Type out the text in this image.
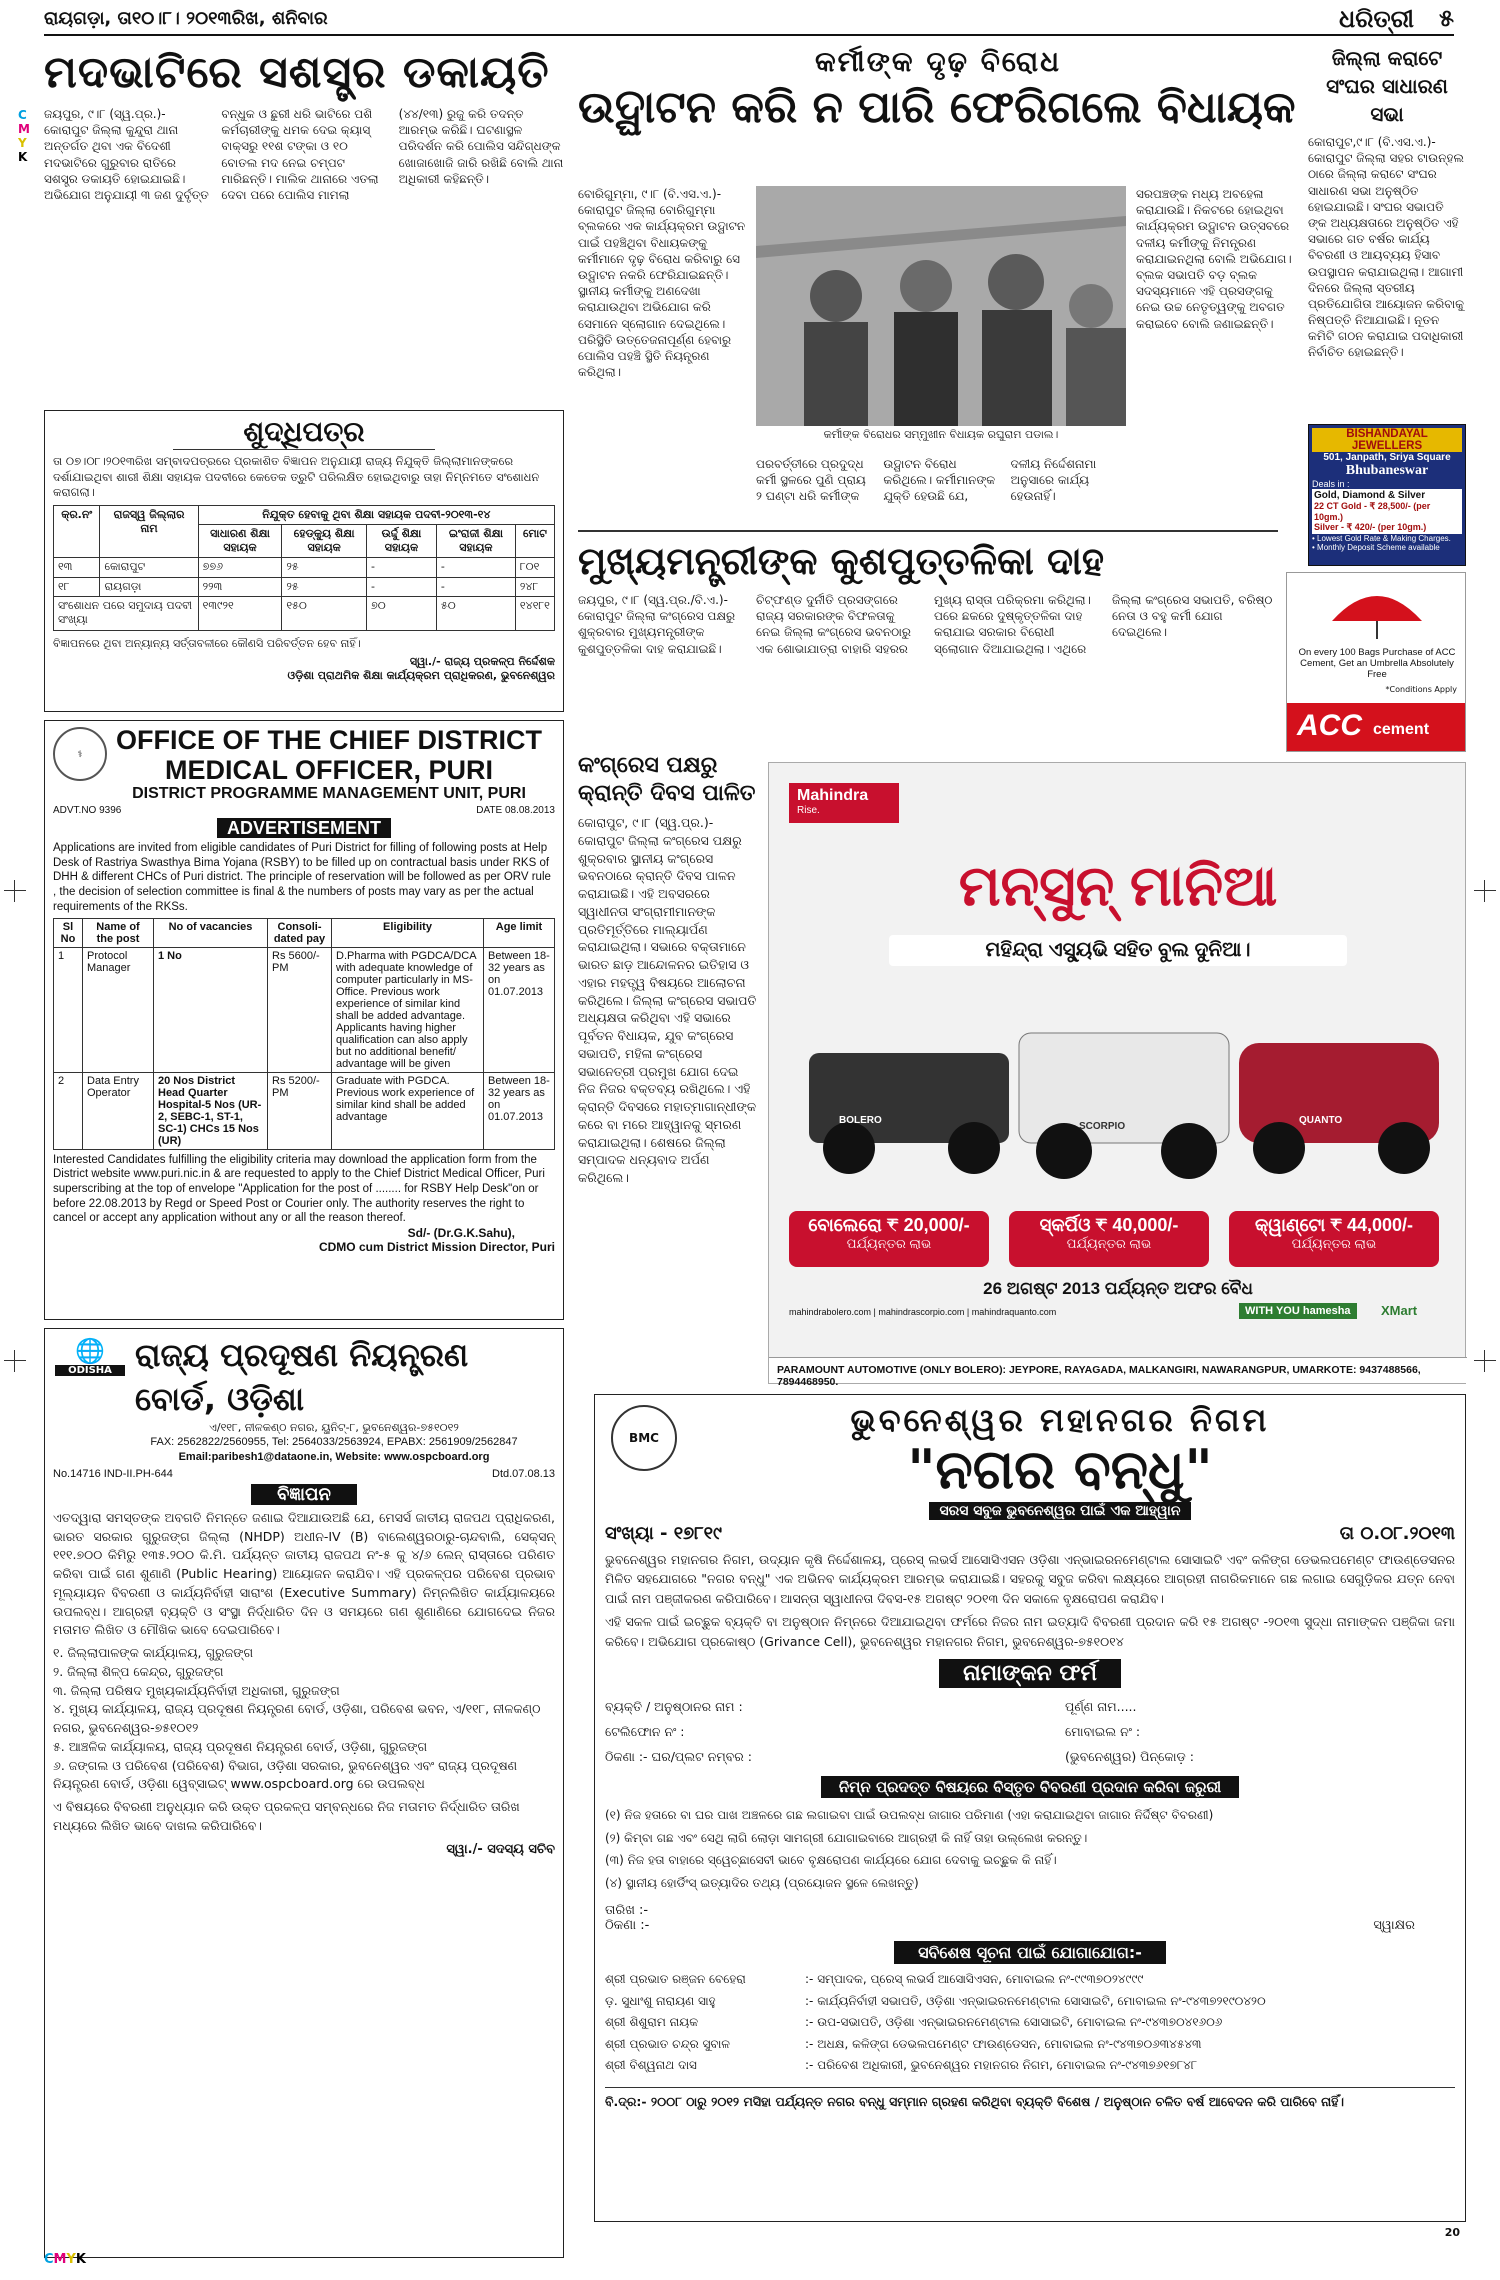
ରାୟଗଡ଼ା, ତା୧୦।୮। ୨୦୧୩ରିଖ, ଶନିବାର	ଧରିତ୍ରୀ ୫
ମଦଭାଟିରେ ସଶସ୍ତ୍ର ଡକାୟତି
C
M
Y
K
ଜୟପୁର, ୯।୮ (ସ୍ୱ.ପ୍ର.)- କୋରାପୁଟ ଜିଲ୍ଲା କୁନ୍ଦୁରା ଥାନା ଅନ୍ତର୍ଗତ ଥିବା ଏକ ବିଦେଶୀ ମଦଭାଟିରେ ଗୁରୁବାର ରାତିରେ ସଶସ୍ତ୍ର ଡକାୟତି ହୋଇଯାଇଛି। ଅଭିଯୋଗ ଅନୁଯାୟୀ ୩ ଜଣ ଦୁର୍ବୃତ୍ତ ବନ୍ଧୁକ ଓ ଛୁରୀ ଧରି ଭାଟିରେ ପଶି କର୍ମଚାରୀଙ୍କୁ ଧମକ ଦେଇ କ୍ୟାସ୍ ବାକ୍ସରୁ ୧୧ଶ ଟଙ୍କା ଓ ୧୦ ବୋତଲ ମଦ ନେଇ ଚମ୍ପଟ ମାରିଛନ୍ତି। ମାଲିକ ଥାନାରେ ଏତଲା ଦେବା ପରେ ପୋଲିସ ମାମଲା (୪୪/୧୩) ରୁଜୁ କରି ତଦନ୍ତ ଆରମ୍ଭ କରିଛି। ଘଟଣାସ୍ଥଳ ପରିଦର୍ଶନ କରି ପୋଲିସ ସନ୍ଦିଗ୍ଧଙ୍କ ଖୋଜାଖୋଜି ଜାରି ରଖିଛି ବୋଲି ଥାନା ଅଧିକାରୀ କହିଛନ୍ତି।
ଶୁଦ୍ଧିପତ୍ର
ତା ୦୭।୦୮।୨୦୧୩ରିଖ ସମ୍ବାଦପତ୍ରରେ ପ୍ରକାଶିତ ବିଜ୍ଞାପନ ଅନୁଯାୟୀ ରାଜ୍ୟ ନିଯୁକ୍ତି ଜିଲ୍ଲାମାନଙ୍କରେ ଦର୍ଶାଯାଇଥିବା ଶାରୀ ଶିକ୍ଷା ସହାୟକ ପଦବୀରେ କେତେକ ତ୍ରୁଟି ପରିଲକ୍ଷିତ ହୋଇଥିବାରୁ ତାହା ନିମ୍ନମତେ ସଂଶୋଧନ କରାଗଲା।
କ୍ର.ନଂ	ରାଜସ୍ୱ ଜିଲ୍ଲାର ନାମ	ନିଯୁକ୍ତ ହେବାକୁ ଥିବା ଶିକ୍ଷା ସହାୟକ ପଦବୀ-୨୦୧୩-୧୪				
		ସାଧାରଣ ଶିକ୍ଷା ସହାୟକ	ହେଡ୍କ୍ୟୁ ଶିକ୍ଷା ସହାୟକ	ଉର୍ଦ୍ଦୁ ଶିକ୍ଷା ସହାୟକ	ଇଂରାଜୀ ଶିକ୍ଷା ସହାୟକ	ମୋଟ
୧୩	କୋରାପୁଟ	୭୭୬	୨୫	-	-	୮୦୧
୧୮	ରାୟଗଡ଼ା	୨୨୩	୨୫	-	-	୨୪୮
ସଂଶୋଧନ ପରେ ସମୁଦାୟ ପଦବୀ ସଂଖ୍ୟା		୧୩୯୨୧	୧୫୦	୭୦	୫୦	୧୪୧୮୧
ବିଜ୍ଞାପନରେ ଥିବା ଅନ୍ୟାନ୍ୟ ସର୍ତ୍ତାବଳୀରେ କୌଣସି ପରିବର୍ତ୍ତନ ହେବ ନାହିଁ।
ସ୍ୱା./- ରାଜ୍ୟ ପ୍ରକଳ୍ପ ନିର୍ଦ୍ଦେଶକ
ଓଡ଼ିଶା ପ୍ରାଥମିକ ଶିକ୍ଷା କାର୍ଯ୍ୟକ୍ରମ ପ୍ରାଧିକରଣ, ଭୁବନେଶ୍ୱର
⚕	OFFICE OF THE CHIEF DISTRICT
MEDICAL OFFICER, PURI
DISTRICT PROGRAMME MANAGEMENT UNIT, PURI
ADVT.NO 9396	DATE 08.08.2013
ADVERTISEMENT
Applications are invited from eligible candidates of Puri District for filling of following posts at Help Desk of Rastriya Swasthya Bima Yojana (RSBY) to be filled up on contractual basis under RKS of DHH & different CHCs of Puri district. The principle of reservation will be followed as per ORV rule , the decision of selection committee is final & the numbers of posts may vary as per the actual requirements of the RKSs.
Sl No	Name of the post	No of vacancies	Consoli-dated pay	Eligibility	Age limit
1	Protocol Manager	1 No	Rs 5600/-PM	D.Pharma with PGDCA/DCA with adequate knowledge of computer particularly in MS-Office. Previous work experience of similar kind shall be added advantage. Applicants having higher qualification can also apply but no additional benefit/ advantage will be given	Between 18-32 years as on 01.07.2013
2	Data Entry Operator	20 Nos District Head Quarter Hospital-5 Nos (UR-2, SEBC-1, ST-1, SC-1) CHCs 15 Nos (UR)	Rs 5200/-PM	Graduate with PGDCA. Previous work experience of similar kind shall be added advantage	Between 18-32 years as on 01.07.2013
Interested Candidates fulfilling the eligibility criteria may download the application form from the District website www.puri.nic.in & are requested to apply to the Chief District Medical Officer, Puri superscribing at the top of envelope "Application for the post of ........ for RSBY Help Desk"on or before 22.08.2013 by Regd or Speed Post or Courier only. The authority reserves the right to cancel or accept any application without any or all the reason thereof.
Sd/- (Dr.G.K.Sahu),
CDMO cum District Mission Director, Puri
🌐
ODISHA ରାଜ୍ୟ ପ୍ରଦୂଷଣ ନିୟନ୍ତ୍ରଣ ବୋର୍ଡ, ଓଡ଼ିଶା
ଏ/୧୧୮, ନୀଳକଣ୍ଠ ନଗର, ୟୁନିଟ୍-୮, ଭୁବନେଶ୍ୱର-୭୫୧୦୧୨
FAX: 2562822/2560955, Tel: 2564033/2563924, EPABX: 2561909/2562847
Email:paribesh1@dataone.in, Website: www.ospcboard.org
No.14716 IND-II.PH-644	Dtd.07.08.13
ବିଜ୍ଞାପନ
ଏତଦ୍ୱାରା ସମସ୍ତଙ୍କ ଅବଗତି ନିମନ୍ତେ ଜଣାଇ ଦିଆଯାଉଅଛି ଯେ, ମେସର୍ସ ଜାତୀୟ ରାଜପଥ ପ୍ରାଧିକରଣ, ଭାରତ ସରକାର ଗୁରୁଜଙ୍ଗ ଜିଲ୍ଲା (NHDP) ଅଧୀନ-IV (B) ବାଲେଶ୍ୱରଠାରୁ-ଚାନ୍ଦବାଲି, ସେକ୍ସନ୍ ୧୧୧.୭୦୦ କିମିରୁ ୧୩୫.୨୦୦ କି.ମି. ପର୍ଯ୍ୟନ୍ତ ଜାତୀୟ ରାଜପଥ ନଂ-୫ କୁ ୪/୬ ଲେନ୍ ରାସ୍ତାରେ ପରିଣତ କରିବା ପାଇଁ ଗଣ ଶୁଣାଣି (Public Hearing) ଆୟୋଜନ କରାଯିବ। ଏହି ପ୍ରକଳ୍ପର ପରିବେଶ ପ୍ରଭାବ ମୂଲ୍ୟାୟନ ବିବରଣୀ ଓ କାର୍ଯ୍ୟନିର୍ବାହୀ ସାରାଂଶ (Executive Summary) ନିମ୍ନଲିଖିତ କାର୍ଯ୍ୟାଳୟରେ ଉପଲବ୍ଧ। ଆଗ୍ରହୀ ବ୍ୟକ୍ତି ଓ ସଂସ୍ଥା ନିର୍ଦ୍ଧାରିତ ଦିନ ଓ ସମୟରେ ଗଣ ଶୁଣାଣିରେ ଯୋଗଦେଇ ନିଜର ମତାମତ ଲିଖିତ ଓ ମୌଖିକ ଭାବେ ଦେଇପାରିବେ।
୧. ଜିଲ୍ଲାପାଳଙ୍କ କାର୍ଯ୍ୟାଳୟ, ଗୁରୁଜଙ୍ଗ
୨. ଜିଲ୍ଲା ଶିଳ୍ପ କେନ୍ଦ୍ର, ଗୁରୁଜଙ୍ଗ
୩. ଜିଲ୍ଲା ପରିଷଦ ମୁଖ୍ୟକାର୍ଯ୍ୟନିର୍ବାହୀ ଅଧିକାରୀ, ଗୁରୁଜଙ୍ଗ
୪. ମୁଖ୍ୟ କାର୍ଯ୍ୟାଳୟ, ରାଜ୍ୟ ପ୍ରଦୂଷଣ ନିୟନ୍ତ୍ରଣ ବୋର୍ଡ, ଓଡ଼ିଶା, ପରିବେଶ ଭବନ, ଏ/୧୧୮, ନୀଳକଣ୍ଠ ନଗର, ଭୁବନେଶ୍ୱର-୭୫୧୦୧୨
୫. ଆଞ୍ଚଳିକ କାର୍ଯ୍ୟାଳୟ, ରାଜ୍ୟ ପ୍ରଦୂଷଣ ନିୟନ୍ତ୍ରଣ ବୋର୍ଡ, ଓଡ଼ିଶା, ଗୁରୁଜଙ୍ଗ
୬. ଜଙ୍ଗଲ ଓ ପରିବେଶ (ପରିବେଶ) ବିଭାଗ, ଓଡ଼ିଶା ସରକାର, ଭୁବନେଶ୍ୱର ଏବଂ ରାଜ୍ୟ ପ୍ରଦୂଷଣ ନିୟନ୍ତ୍ରଣ ବୋର୍ଡ, ଓଡ଼ିଶା ୱେବ୍ସାଇଟ୍ www.ospcboard.org ରେ ଉପଲବ୍ଧ
ଏ ବିଷୟରେ ବିବରଣୀ ଅନୁଧ୍ୟାନ କରି ଉକ୍ତ ପ୍ରକଳ୍ପ ସମ୍ବନ୍ଧରେ ନିଜ ମତାମତ ନିର୍ଦ୍ଧାରିତ ତାରିଖ ମଧ୍ୟରେ ଲିଖିତ ଭାବେ ଦାଖଲ କରିପାରିବେ।
ସ୍ୱା./- ସଦସ୍ୟ ସଚିବ
କର୍ମୀଙ୍କ ଦୃଢ଼ ବିରୋଧ
ଉଦ୍ଘାଟନ କରି ନ ପାରି ଫେରିଗଲେ ବିଧାୟକ
ବୋରିଗୁମ୍ମା, ୯।୮ (ବି.ଏସ.ଏ.)- କୋରାପୁଟ ଜିଲ୍ଲା ବୋରିଗୁମ୍ମା ବ୍ଲକରେ ଏକ କାର୍ଯ୍ୟକ୍ରମ ଉଦ୍ଘାଟନ ପାଇଁ ପହଞ୍ଚିଥିବା ବିଧାୟକଙ୍କୁ କର୍ମୀମାନେ ଦୃଢ଼ ବିରୋଧ କରିବାରୁ ସେ ଉଦ୍ଘାଟନ ନକରି ଫେରିଯାଇଛନ୍ତି। ସ୍ଥାନୀୟ କର୍ମୀଙ୍କୁ ଅଣଦେଖା କରାଯାଉଥିବା ଅଭିଯୋଗ କରି ସେମାନେ ସ୍ଲୋଗାନ ଦେଇଥିଲେ। ପରିସ୍ଥିତି ଉତ୍ତେଜନାପୂର୍ଣ୍ଣ ହେବାରୁ ପୋଲିସ ପହଞ୍ଚି ସ୍ଥିତି ନିୟନ୍ତ୍ରଣ କରିଥିଲା।
କର୍ମୀଙ୍କ ବିରୋଧର ସମ୍ମୁଖୀନ ବିଧାୟକ ରଘୁରାମ ପଡାଲ।
ପରବର୍ତ୍ତୀରେ ପ୍ରଦୁଦ୍ଧ କର୍ମୀ ସ୍ଥଳରେ ପୁଣି ପ୍ରାୟ ୨ ଘଣ୍ଟା ଧରି କର୍ମୀଙ୍କ ଉଦ୍ଘାଟନ ବିରୋଧ କରିଥିଲେ। କର୍ମୀମାନଙ୍କ ଯୁକ୍ତି ହେଉଛି ଯେ, ଦଳୀୟ ନିର୍ଦ୍ଦେଶନାମା ଅନୁସାରେ କାର୍ଯ୍ୟ ହେଉନାହିଁ।
ସରପଞ୍ଚଙ୍କ ମଧ୍ୟ ଅବହେଳା କରାଯାଉଛି। ନିକଟରେ ହୋଇଥିବା କାର୍ଯ୍ୟକ୍ରମ ଉଦ୍ଘାଟନ ଉତ୍ସବରେ ଦଳୀୟ କର୍ମୀଙ୍କୁ ନିମନ୍ତ୍ରଣ କରାଯାଇନଥିଲା ବୋଲି ଅଭିଯୋଗ। ବ୍ଲକ ସଭାପତି ବଡ଼ ବ୍ଲକ ସଦସ୍ୟମାନେ ଏହି ପ୍ରସଙ୍ଗକୁ ନେଇ ଉଚ୍ଚ ନେତୃତ୍ୱଙ୍କୁ ଅବଗତ କରାଇବେ ବୋଲି ଜଣାଇଛନ୍ତି।
ଜିଲ୍ଲା କରାଟେ ସଂଘର ସାଧାରଣ ସଭା
କୋରାପୁଟ,୯।୮ (ବି.ଏସ.ଏ.)- କୋରାପୁଟ ଜିଲ୍ଲା ସହର ଟାଉନ୍ହଲ ଠାରେ ଜିଲ୍ଲା କରାଟେ ସଂଘର ସାଧାରଣ ସଭା ଅନୁଷ୍ଠିତ ହୋଇଯାଇଛି। ସଂଘର ସଭାପତି ଙ୍କ ଅଧ୍ୟକ୍ଷତାରେ ଅନୁଷ୍ଠିତ ଏହି ସଭାରେ ଗତ ବର୍ଷର କାର୍ଯ୍ୟ ବିବରଣୀ ଓ ଆୟବ୍ୟୟ ହିସାବ ଉପସ୍ଥାପନ କରାଯାଇଥିଲା। ଆଗାମୀ ଦିନରେ ଜିଲ୍ଲା ସ୍ତରୀୟ ପ୍ରତିଯୋଗିତା ଆୟୋଜନ କରିବାକୁ ନିଷ୍ପତ୍ତି ନିଆଯାଇଛି। ନୂତନ କମିଟି ଗଠନ କରାଯାଇ ପଦାଧିକାରୀ ନିର୍ବାଚିତ ହୋଇଛନ୍ତି।
BISHANDAYAL JEWELLERS
501, Janpath, Sriya Square
Bhubaneswar
Deals in :
Gold, Diamond & Silver
22 CT Gold - ₹ 28,500/- (per 10gm.)
Silver - ₹ 420/- (per 10gm.)
• Lowest Gold Rate & Making Charges.
• Monthly Deposit Scheme available
On every 100 Bags Purchase of ACC Cement, Get an Umbrella Absolutely Free
*Conditions Apply
ACC cement
ମୁଖ୍ୟମନ୍ତ୍ରୀଙ୍କ କୁଶପୁତ୍ତଳିକା ଦାହ
ଜୟପୁର, ୯।୮ (ସ୍ୱ.ପ୍ର./ବି.ଏ.)- କୋରାପୁଟ ଜିଲ୍ଲା କଂଗ୍ରେସ ପକ୍ଷରୁ ଶୁକ୍ରବାର ମୁଖ୍ୟମନ୍ତ୍ରୀଙ୍କ କୁଶପୁତ୍ତଳିକା ଦାହ କରାଯାଇଛି। ଚିଟ୍ଫଣ୍ଡ ଦୁର୍ନୀତି ପ୍ରସଙ୍ଗରେ ରାଜ୍ୟ ସରକାରଙ୍କ ବିଫଳତାକୁ ନେଇ ଜିଲ୍ଲା କଂଗ୍ରେସ ଭବନଠାରୁ ଏକ ଶୋଭାଯାତ୍ରା ବାହାରି ସହରର ମୁଖ୍ୟ ରାସ୍ତା ପରିକ୍ରମା କରିଥିଲା। ପରେ ଛକରେ ଦୁଷ୍କୃତ୍ତଳିକା ଦାହ କରାଯାଇ ସରକାର ବିରୋଧୀ ସ୍ଲୋଗାନ ଦିଆଯାଇଥିଲା। ଏଥିରେ ଜିଲ୍ଲା କଂଗ୍ରେସ ସଭାପତି, ବରିଷ୍ଠ ନେତା ଓ ବହୁ କର୍ମୀ ଯୋଗ ଦେଇଥିଲେ।
କଂଗ୍ରେସ ପକ୍ଷରୁ କ୍ରାନ୍ତି ଦିବସ ପାଳିତ
କୋରାପୁଟ, ୯।୮ (ସ୍ୱ.ପ୍ର.)- କୋରାପୁଟ ଜିଲ୍ଲା କଂଗ୍ରେସ ପକ୍ଷରୁ ଶୁକ୍ରବାର ସ୍ଥାନୀୟ କଂଗ୍ରେସ ଭବନଠାରେ କ୍ରାନ୍ତି ଦିବସ ପାଳନ କରାଯାଇଛି। ଏହି ଅବସରରେ ସ୍ୱାଧୀନତା ସଂଗ୍ରାମୀମାନଙ୍କ ପ୍ରତିମୂର୍ତ୍ତିରେ ମାଲ୍ୟାର୍ପଣ କରାଯାଇଥିଲା। ସଭାରେ ବକ୍ତାମାନେ ଭାରତ ଛାଡ଼ ଆନ୍ଦୋଳନର ଇତିହାସ ଓ ଏହାର ମହତ୍ତ୍ୱ ବିଷୟରେ ଆଲୋଚନା କରିଥିଲେ। ଜିଲ୍ଲା କଂଗ୍ରେସ ସଭାପତି ଅଧ୍ୟକ୍ଷତା କରିଥିବା ଏହି ସଭାରେ ପୂର୍ବତନ ବିଧାୟକ, ଯୁବ କଂଗ୍ରେସ ସଭାପତି, ମହିଳା କଂଗ୍ରେସ ସଭାନେତ୍ରୀ ପ୍ରମୁଖ ଯୋଗ ଦେଇ ନିଜ ନିଜର ବକ୍ତବ୍ୟ ରଖିଥିଲେ। ଏହି କ୍ରାନ୍ତି ଦିବସରେ ମହାତ୍ମାଗାନ୍ଧୀଙ୍କ କରେ ବା ମରେ ଆହ୍ୱାନକୁ ସ୍ମରଣ କରାଯାଇଥିଲା। ଶେଷରେ ଜିଲ୍ଲା ସମ୍ପାଦକ ଧନ୍ୟବାଦ ଅର୍ପଣ କରିଥିଲେ।
Mahindra
Rise.
ମନ୍ସୁନ୍ ମାନିଆ
ମହିନ୍ଦ୍ରା ଏସ୍ୟୁଭି ସହିତ ବୁଲ ଦୁନିଆ।
BOLERO
SCORPIO
QUANTO
ବୋଲେରୋ ₹ 20,000/-
ପର୍ଯ୍ୟନ୍ତର ଲାଭ
ସ୍କର୍ପିଓ ₹ 40,000/-
ପର୍ଯ୍ୟନ୍ତର ଲାଭ
କ୍ୱାଣ୍ଟୋ ₹ 44,000/-
ପର୍ଯ୍ୟନ୍ତର ଲାଭ
26 ଅଗଷ୍ଟ 2013 ପର୍ଯ୍ୟନ୍ତ ଅଫର ବୈଧ
mahindrabolero.com | mahindrascorpio.com | mahindraquanto.com	WITH YOU hamesha	XMart
PARAMOUNT AUTOMOTIVE (ONLY BOLERO): JEYPORE, RAYAGADA, MALKANGIRI, NAWARANGPUR, UMARKOTE: 9437488566, 7894468950.
BMC	ଭୁବନେଶ୍ୱର ମହାନଗର ନିଗମ
"ନଗର ବନ୍ଧୁ"
ସରସ ସବୁଜ ଭୁବନେଶ୍ୱର ପାଇଁ ଏକ ଆହ୍ୱାନ
ସଂଖ୍ୟା - ୧୭୮୧୯	ତା ୦.୦୮.୨୦୧୩
ଭୁବନେଶ୍ୱର ମହାନଗର ନିଗମ, ଉଦ୍ୟାନ କୃଷି ନିର୍ଦ୍ଦେଶାଳୟ, ପ୍ରେସ୍ ଲଭର୍ସ ଆସୋସିଏସନ ଓଡ଼ିଶା ଏନ୍ଭାଇରନମେଣ୍ଟାଲ ସୋସାଇଟି ଏବଂ କଳିଙ୍ଗ ଡେଭଲପମେଣ୍ଟ ଫାଉଣ୍ଡେସନର ମିଳିତ ସହଯୋଗରେ "ନଗର ବନ୍ଧୁ" ଏକ ଅଭିନବ କାର୍ଯ୍ୟକ୍ରମ ଆରମ୍ଭ କରାଯାଇଛି। ସହରକୁ ସବୁଜ କରିବା ଲକ୍ଷ୍ୟରେ ଆଗ୍ରହୀ ନାଗରିକମାନେ ଗଛ ଲଗାଇ ସେଗୁଡ଼ିକର ଯତ୍ନ ନେବା ପାଇଁ ନାମ ପଞ୍ଜୀକରଣ କରିପାରିବେ। ଆସନ୍ତା ସ୍ୱାଧୀନତା ଦିବସ-୧୫ ଅଗଷ୍ଟ ୨୦୧୩ ଦିନ ସକାଳେ ବୃକ୍ଷରୋପଣ କରାଯିବ।
ଏହି ସକଳ ପାଇଁ ଇଚ୍ଛୁକ ବ୍ୟକ୍ତି ବା ଅନୁଷ୍ଠାନ ନିମ୍ନରେ ଦିଆଯାଇଥିବା ଫର୍ମରେ ନିଜର ନାମ ଇତ୍ୟାଦି ବିବରଣୀ ପ୍ରଦାନ କରି ୧୫ ଅଗଷ୍ଟ -୨୦୧୩ ସୁଦ୍ଧା ନାମାଙ୍କନ ପଞ୍ଜିକା ଜମା କରିବେ। ଅଭିଯୋଗ ପ୍ରକୋଷ୍ଠ (Grivance Cell), ଭୁବନେଶ୍ୱର ମହାନଗର ନିଗମ, ଭୁବନେଶ୍ୱର-୭୫୧୦୧୪
ନାମାଙ୍କନ ଫର୍ମ
ବ୍ୟକ୍ତି / ଅନୁଷ୍ଠାନର ନାମ :	ପୂର୍ଣ୍ଣ ନାମ.....
ଟେଲିଫୋନ ନଂ :	ମୋବାଇଲ ନଂ :
ଠିକଣା :- ଘର/ପ୍ଲଟ ନମ୍ବର :	(ଭୁବନେଶ୍ୱର) ପିନ୍କୋଡ଼ :
ନିମ୍ନ ପ୍ରଦତ୍ତ ବିଷୟରେ ବିସ୍ତୃତ ବିବରଣୀ ପ୍ରଦାନ କରିବା ଜରୁରୀ
(୧) ନିଜ ହତାରେ ବା ଘର ପାଖ ଅଞ୍ଚଳରେ ଗଛ ଲଗାଇବା ପାଇଁ ଉପଲବ୍ଧ ଜାଗାର ପରିମାଣ (ଏହା କରାଯାଇଥିବା ଜାଗାର ନିର୍ଦ୍ଦିଷ୍ଟ ବିବରଣୀ)
(୨) କିମ୍ବା ଗଛ ଏବଂ ସେଥି ଲାଗି ଲୋଡ଼ା ସାମଗ୍ରୀ ଯୋଗାଇବାରେ ଆଗ୍ରହୀ କି ନାହିଁ ତାହା ଉଲ୍ଲେଖ କରନ୍ତୁ।
(୩) ନିଜ ହତା ବାହାରେ ସ୍ୱେଚ୍ଛାସେବୀ ଭାବେ ବୃକ୍ଷରୋପଣ କାର୍ଯ୍ୟରେ ଯୋଗ ଦେବାକୁ ଇଚ୍ଛୁକ କି ନାହିଁ।
(୪) ସ୍ଥାନୀୟ ହୋର୍ଡିଂସ୍ ଇତ୍ୟାଦିର ତଥ୍ୟ (ପ୍ରୟୋଜନ ସ୍ଥଳେ ଲେଖନ୍ତୁ)
ତାରିଖ :-
ଠିକଣା :-	ସ୍ୱାକ୍ଷର
ସବିଶେଷ ସୂଚନା ପାଇଁ ଯୋଗାଯୋଗ:-
ଶ୍ରୀ ପ୍ରଭାତ ରଞ୍ଜନ ବେହେରା	:- ସମ୍ପାଦକ, ପ୍ରେସ୍ ଲଭର୍ସ ଆସୋସିଏସନ, ମୋବାଇଲ ନଂ-୯୯୩୭୦୨୪୯୯୯
ଡ଼. ସୁଧାଂଶୁ ନାରାୟଣ ସାହୁ	:- କାର୍ଯ୍ୟନିର୍ବାହୀ ସଭାପତି, ଓଡ଼ିଶା ଏନ୍ଭାଇରନମେଣ୍ଟାଲ ସୋସାଇଟି, ମୋବାଇଲ ନଂ-୯୪୩୭୨୧୯୦୪୨୦
ଶ୍ରୀ ଶିଶୁରାମ ନାୟକ	:- ଉପ-ସଭାପତି, ଓଡ଼ିଶା ଏନ୍ଭାଇରନମେଣ୍ଟାଲ ସୋସାଇଟି, ମୋବାଇଲ ନଂ-୯୪୩୭୦୪୧୬୦୬
ଶ୍ରୀ ପ୍ରଭାତ ଚନ୍ଦ୍ର ସୁବାଳ	:- ଅଧକ୍ଷ, କଳିଙ୍ଗ ଡେଭଲପମେଣ୍ଟ ଫାଉଣ୍ଡେସନ, ମୋବାଇଲ ନଂ-୯୪୩୭୦୬୩୪୫୪୩
ଶ୍ରୀ ବିଶ୍ୱନାଥ ଦାସ	:- ପରିବେଶ ଅଧିକାରୀ, ଭୁବନେଶ୍ୱର ମହାନଗର ନିଗମ, ମୋବାଇଲ ନଂ-୯୪୩୭୬୧୭୮୪୮
ବି.ଦ୍ର:- ୨୦୦୮ ଠାରୁ ୨୦୧୨ ମସିହା ପର୍ଯ୍ୟନ୍ତ ନଗର ବନ୍ଧୁ ସମ୍ମାନ ଗ୍ରହଣ କରିଥିବା ବ୍ୟକ୍ତି ବିଶେଷ / ଅନୁଷ୍ଠାନ ଚଳିତ ବର୍ଷ ଆବେଦନ କରି ପାରିବେ ନାହିଁ।
20
CMYK
